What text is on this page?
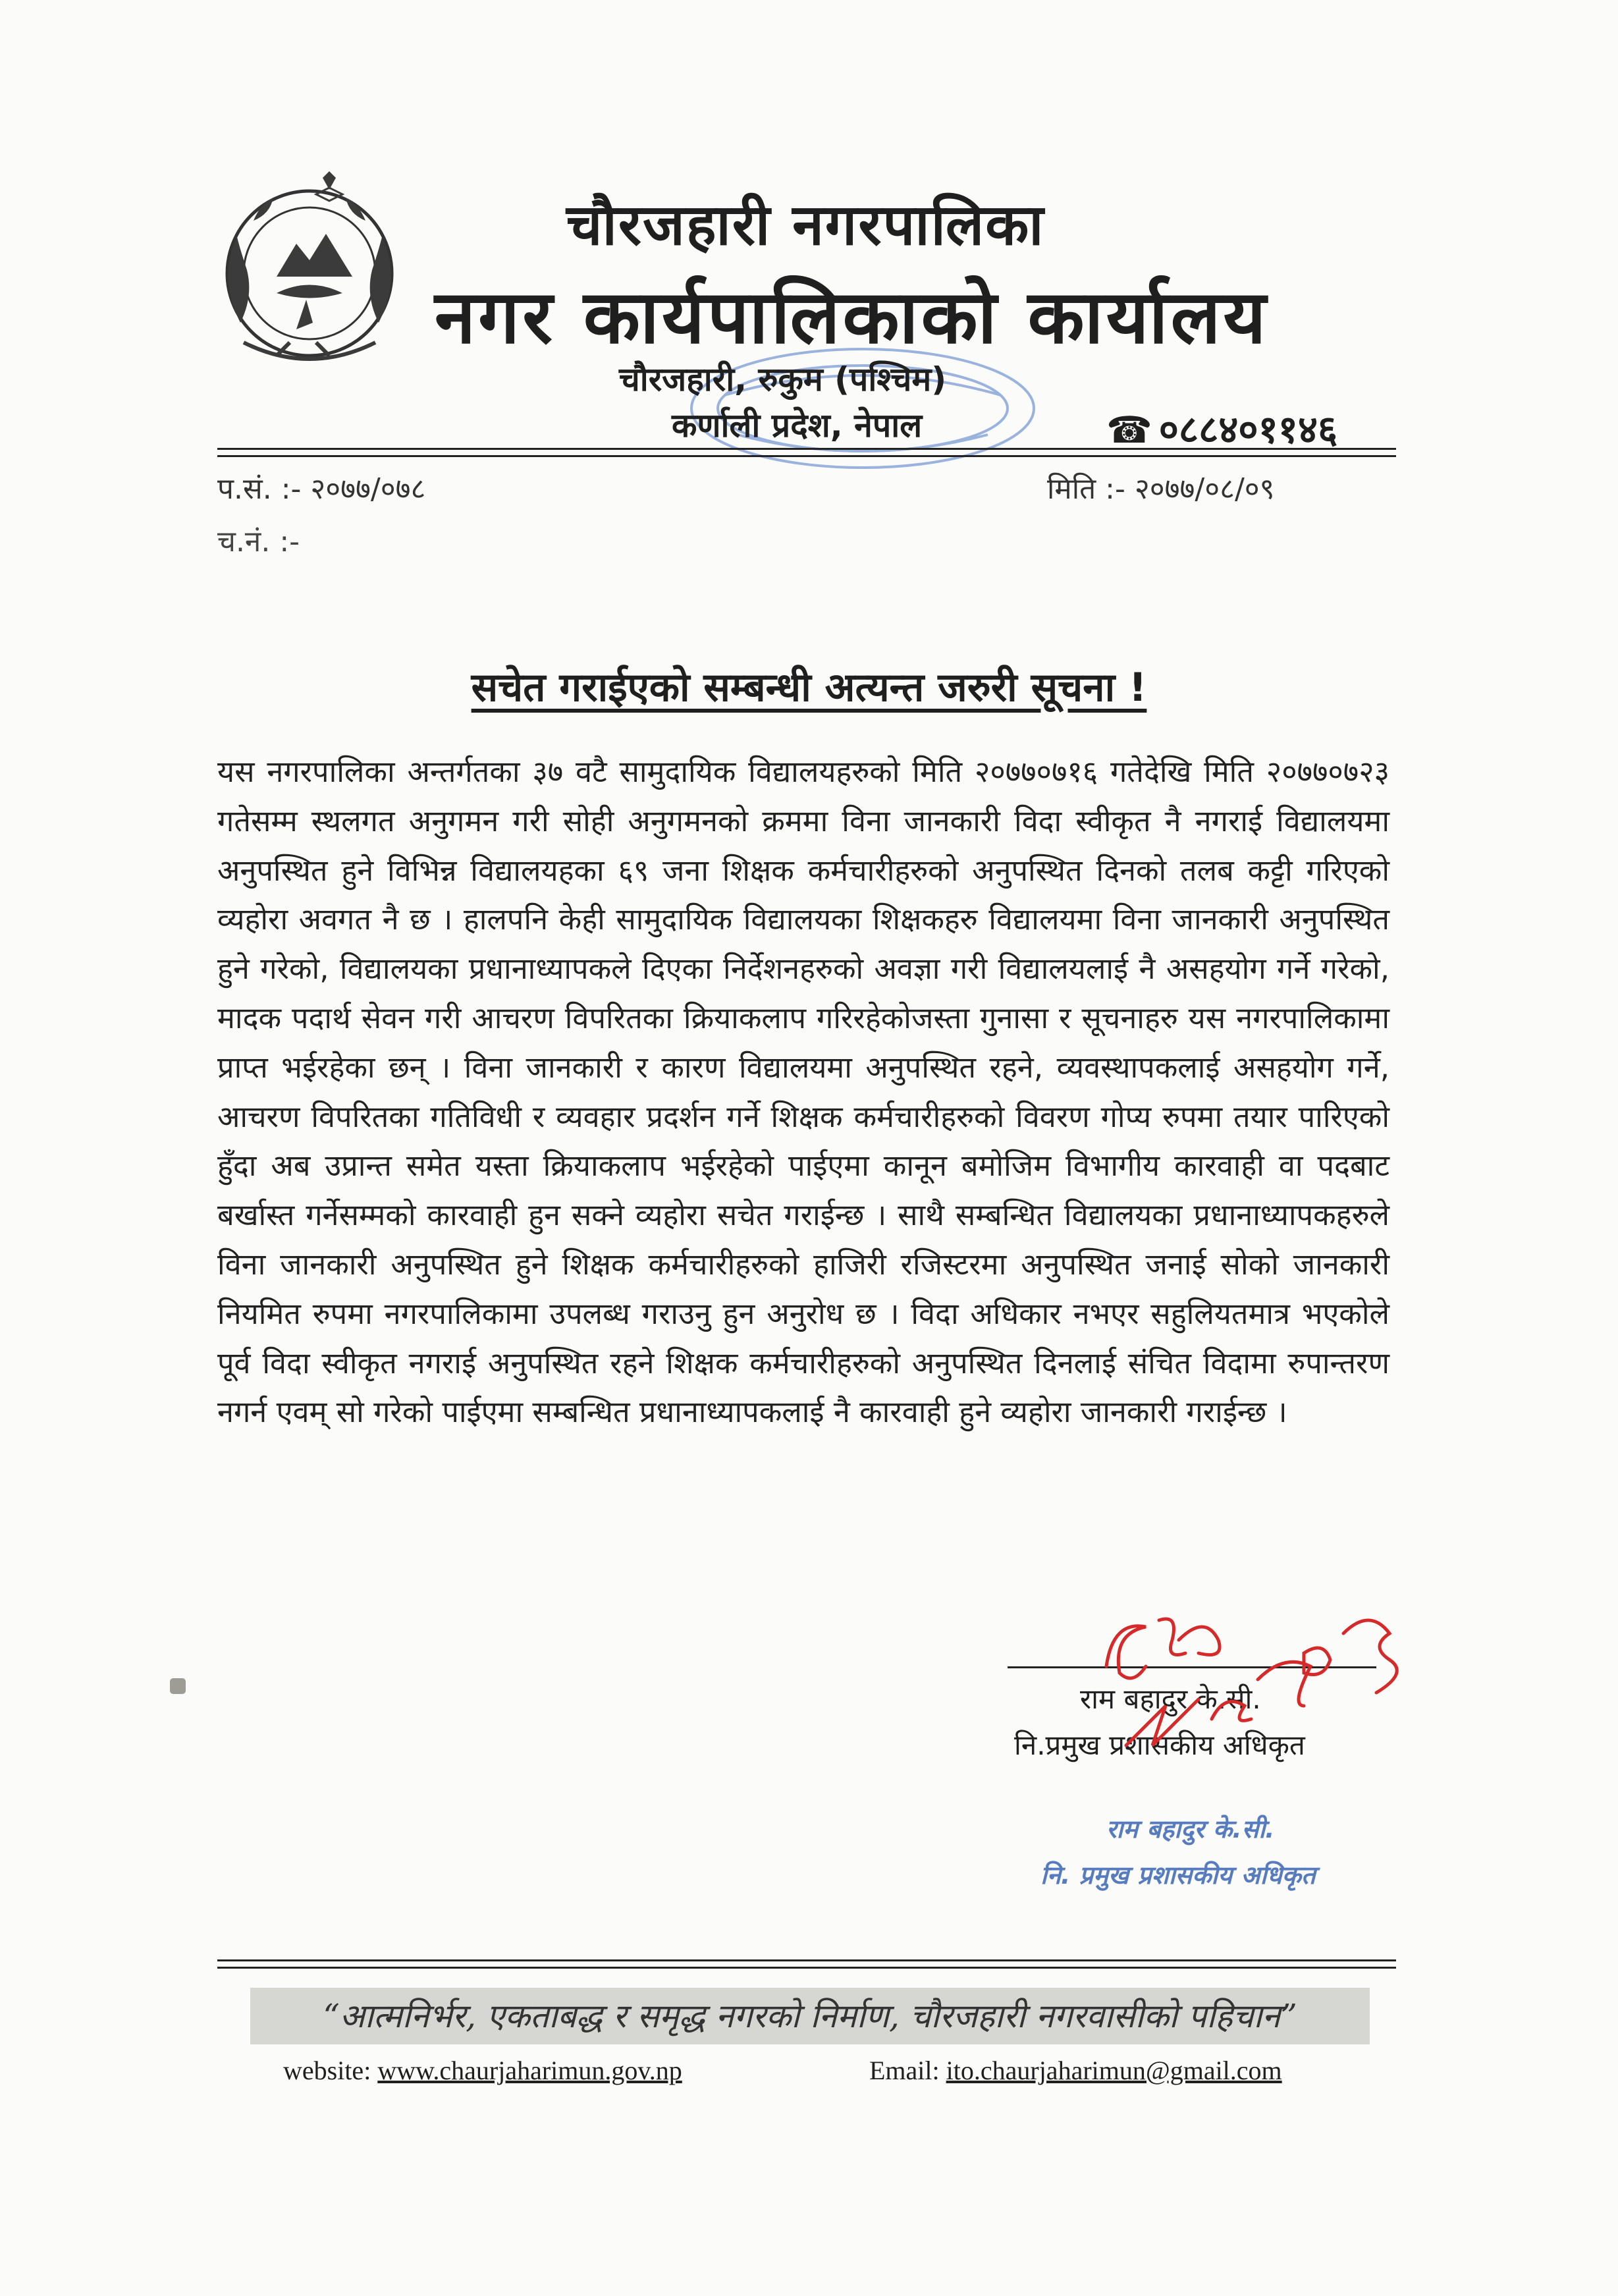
चौरजहारी नगरपालिका
नगर कार्यपालिकाको कार्यालय
चौरजहारी, रुकुम (पश्चिम)
कर्णाली प्रदेश, नेपाल	☎ ०८८४०११४६
प.सं. :- २०७७/०७८	मिति :- २०७७/०८/०९
च.नं. :-
सचेत गराईएको सम्बन्धी अत्यन्त जरुरी सूचना !
यस नगरपालिका अन्तर्गतका ३७ वटै सामुदायिक विद्यालयहरुको मिति २०७७०७१६ गतेदेखि मिति २०७७०७२३ गतेसम्म स्थलगत अनुगमन गरी सोही अनुगमनको क्रममा विना जानकारी विदा स्वीकृत नै नगराई विद्यालयमा अनुपस्थित हुने विभिन्न विद्यालयहका ६९ जना शिक्षक कर्मचारीहरुको अनुपस्थित दिनको तलब कट्टी गरिएको व्यहोरा अवगत नै छ । हालपनि केही सामुदायिक विद्यालयका शिक्षकहरु विद्यालयमा विना जानकारी अनुपस्थित हुने गरेको, विद्यालयका प्रधानाध्यापकले दिएका निर्देशनहरुको अवज्ञा गरी विद्यालयलाई नै असहयोग गर्ने गरेको, मादक पदार्थ सेवन गरी आचरण विपरितका क्रियाकलाप गरिरहेकोजस्ता गुनासा र सूचनाहरु यस नगरपालिकामा प्राप्त भईरहेका छन् । विना जानकारी र कारण विद्यालयमा अनुपस्थित रहने, व्यवस्थापकलाई असहयोग गर्ने, आचरण विपरितका गतिविधी र व्यवहार प्रदर्शन गर्ने शिक्षक कर्मचारीहरुको विवरण गोप्य रुपमा तयार पारिएको हुँदा अब उप्रान्त समेत यस्ता क्रियाकलाप भईरहेको पाईएमा कानून बमोजिम विभागीय कारवाही वा पदबाट बर्खास्त गर्नेसम्मको कारवाही हुन सक्ने व्यहोरा सचेत गराईन्छ । साथै सम्बन्धित विद्यालयका प्रधानाध्यापकहरुले विना जानकारी अनुपस्थित हुने शिक्षक कर्मचारीहरुको हाजिरी रजिस्टरमा अनुपस्थित जनाई सोको जानकारी नियमित रुपमा नगरपालिकामा उपलब्ध गराउनु हुन अनुरोध छ । विदा अधिकार नभएर सहुलियतमात्र भएकोले पूर्व विदा स्वीकृत नगराई अनुपस्थित रहने शिक्षक कर्मचारीहरुको अनुपस्थित दिनलाई संचित विदामा रुपान्तरण नगर्न एवम् सो गरेको पाईएमा सम्बन्धित प्रधानाध्यापकलाई नै कारवाही हुने व्यहोरा जानकारी गराईन्छ ।
राम बहादुर के.सी.
नि.प्रमुख प्रशासकीय अधिकृत
राम बहादुर के.सी.
नि. प्रमुख प्रशासकीय अधिकृत
“आत्मनिर्भर, एकताबद्ध र समृद्ध नगरको निर्माण, चौरजहारी नगरवासीको पहिचान”
website: www.chaurjaharimun.gov.np	Email: ito.chaurjaharimun@gmail.com
